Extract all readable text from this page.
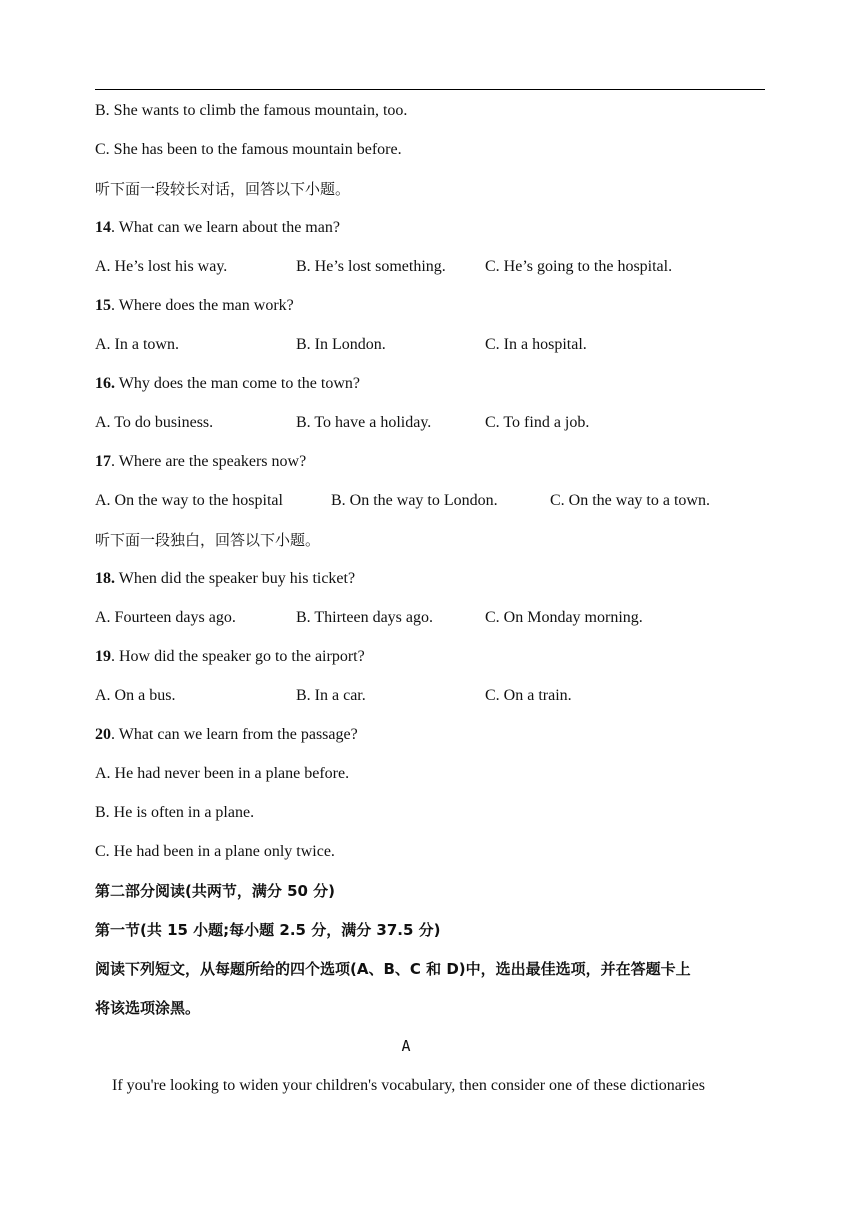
B. She wants to climb the famous mountain, too.
C. She has been to the famous mountain before.
听下面一段较长对话，回答以下小题。
14. What can we learn about the man?
A. He’s lost his way.	B. He’s lost something. C. He’s going to the hospital.
15. Where does the man work?
A. In a town.	B. In London.	C. In a hospital.
16. Why does the man come to the town?
A. To do business.	B. To have a holiday.	C. To find a job.
17. Where are the speakers now?
A. On the way to the hospital	B. On the way to London.	C. On the way to a town.
听下面一段独白，回答以下小题。
18. When did the speaker buy his ticket?
A. Fourteen days ago.	B. Thirteen days ago.	C. On Monday morning.
19. How did the speaker go to the airport?
A. On a bus.	B. In a car.	C. On a train.
20. What can we learn from the passage?
A. He had never been in a plane before.
B. He is often in a plane.
C. He had been in a plane only twice.
第二部分阅读(共两节，满分 50 分)
第一节(共 15 小题;每小题 2.5 分，满分 37.5 分)
阅读下列短文，从每题所给的四个选项(A、B、C 和 D)中，选出最佳选项，并在答题卡上
将该选项涂黑。
A
If you're looking to widen your children's vocabulary, then consider one of these dictionaries
